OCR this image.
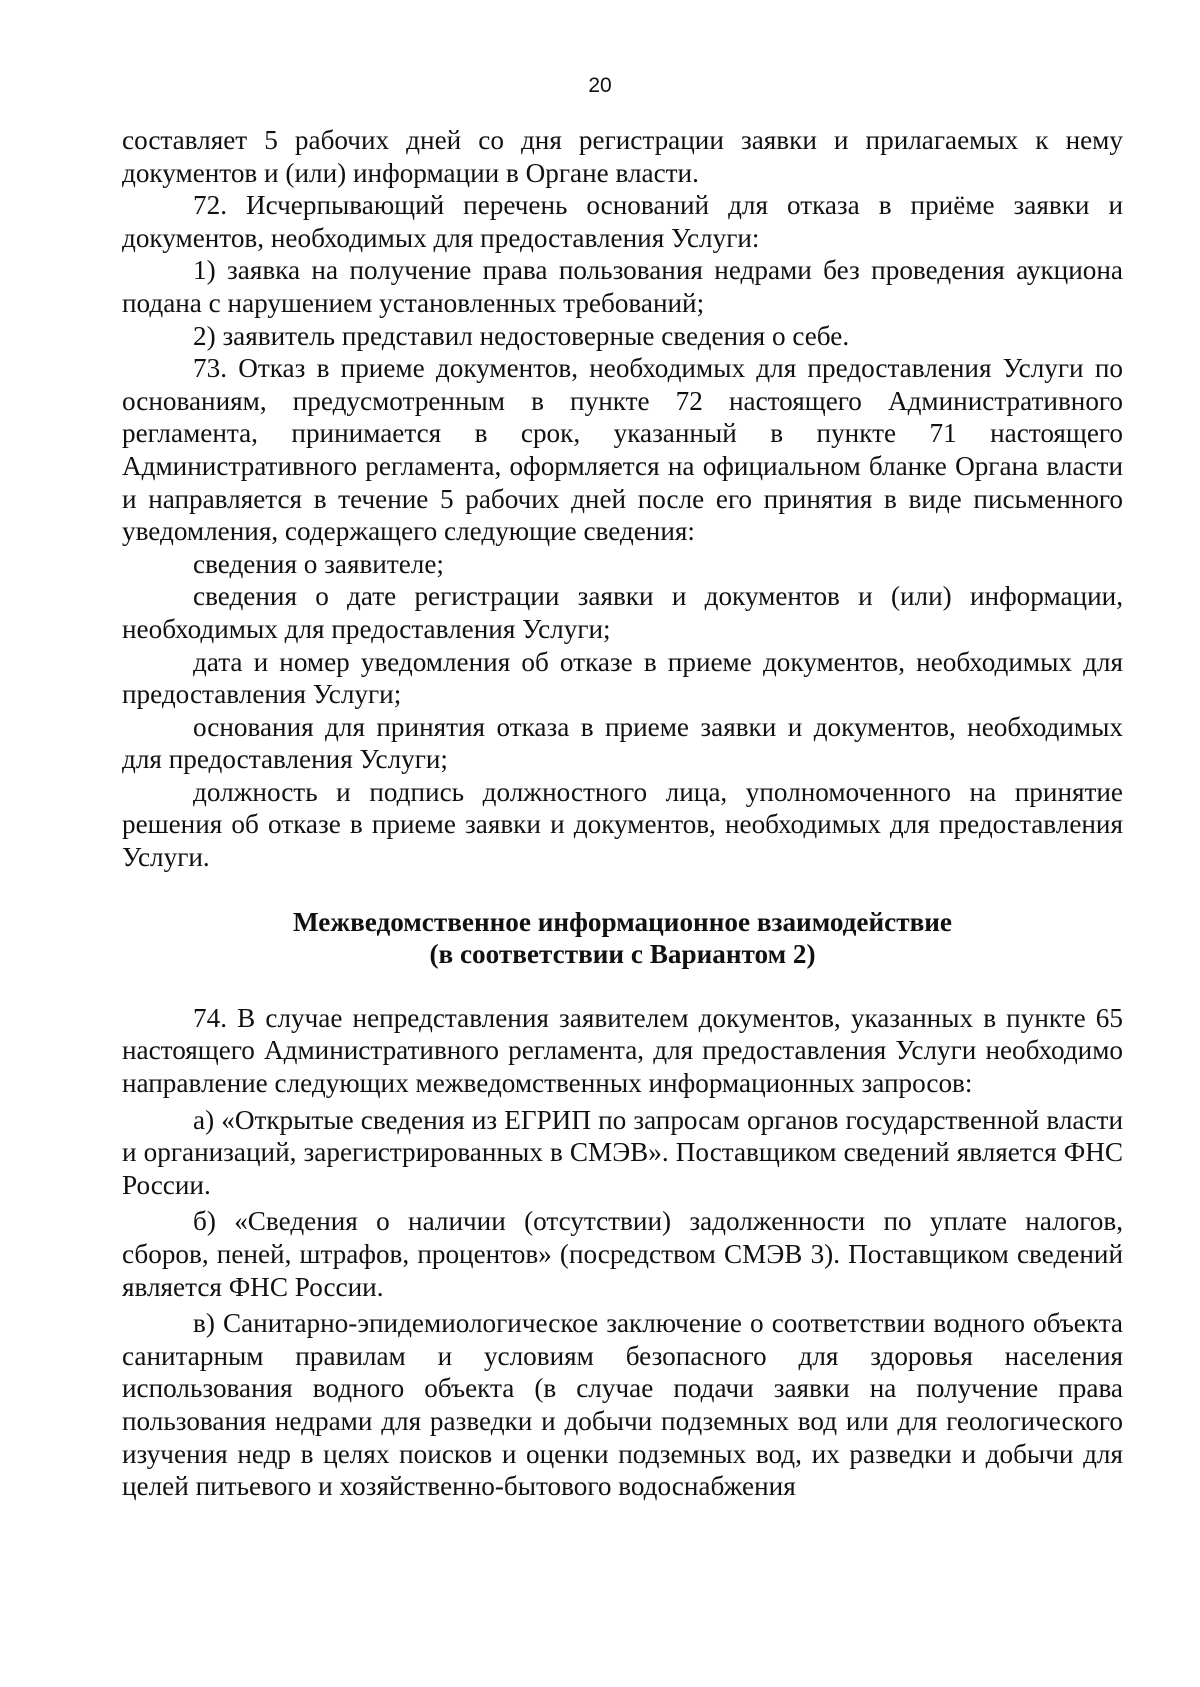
20

составляет 5 рабочих дней со дня регистрации заявки и прилагаемых к нему документов и (или) информации в Органе власти.

72. Исчерпывающий перечень оснований для отказа в приёме заявки и документов, необходимых для предоставления Услуги:

1) заявка на получение права пользования недрами без проведения аукциона подана с нарушением установленных требований;

2) заявитель представил недостоверные сведения о себе.

73. Отказ в приеме документов, необходимых для предоставления Услуги по основаниям, предусмотренным в пункте 72 настоящего Административного регламента, принимается в срок, указанный в пункте 71 настоящего Административного регламента, оформляется на официальном бланке Органа власти и направляется в течение 5 рабочих дней после его принятия в виде письменного уведомления, содержащего следующие сведения:

сведения о заявителе;

сведения о дате регистрации заявки и документов и (или) информации, необходимых для предоставления Услуги;

дата и номер уведомления об отказе в приеме документов, необходимых для предоставления Услуги;

основания для принятия отказа в приеме заявки и документов, необходимых для предоставления Услуги;

должность и подпись должностного лица, уполномоченного на принятие решения об отказе в приеме заявки и документов, необходимых для предоставления Услуги.

Межведомственное информационное взаимодействие
(в соответствии с Вариантом 2)

74. В случае непредставления заявителем документов, указанных в пункте 65 настоящего Административного регламента, для предоставления Услуги необходимо направление следующих межведомственных информационных запросов:

а) «Открытые сведения из ЕГРИП по запросам органов государственной власти и организаций, зарегистрированных в СМЭВ». Поставщиком сведений является ФНС России.

б) «Сведения о наличии (отсутствии) задолженности по уплате налогов, сборов, пеней, штрафов, процентов» (посредством СМЭВ 3). Поставщиком сведений является ФНС России.

в) Санитарно-эпидемиологическое заключение о соответствии водного объекта санитарным правилам и условиям безопасного для здоровья населения использования водного объекта (в случае подачи заявки на получение права пользования недрами для разведки и добычи подземных вод или для геологического изучения недр в целях поисков и оценки подземных вод, их разведки и добычи для целей питьевого и хозяйственно-бытового водоснабжения
